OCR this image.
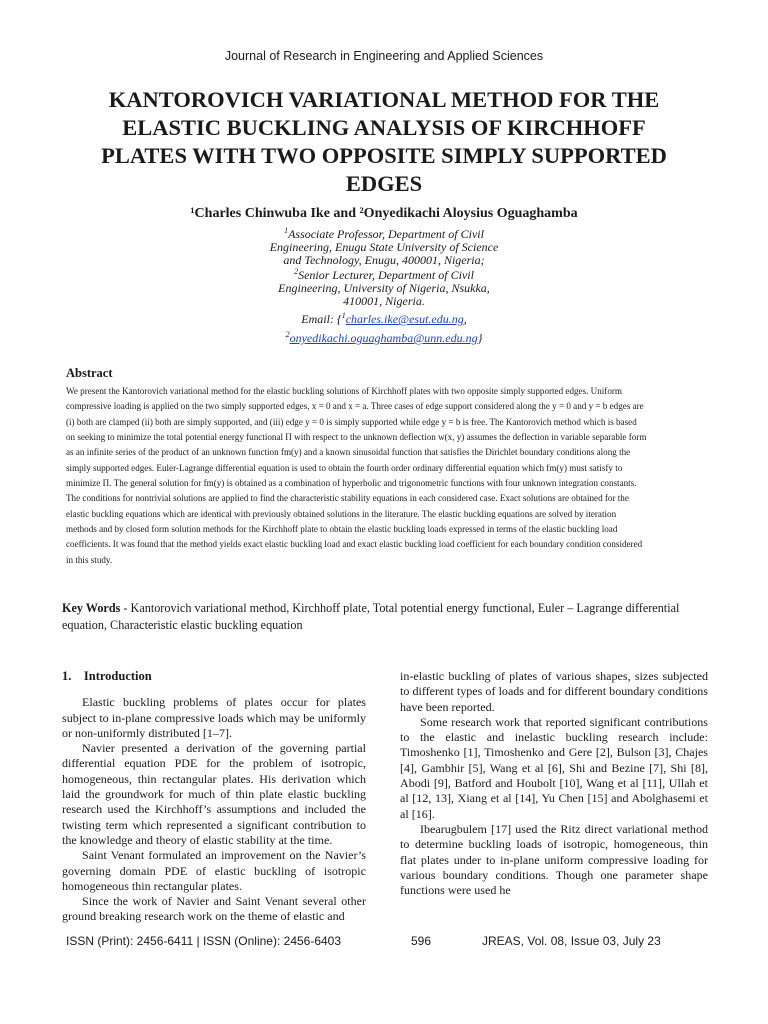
Journal of Research in Engineering and Applied Sciences
KANTOROVICH VARIATIONAL METHOD FOR THE
ELASTIC BUCKLING ANALYSIS OF KIRCHHOFF
PLATES WITH TWO OPPOSITE SIMPLY SUPPORTED
EDGES
¹Charles Chinwuba Ike and ²Onyedikachi Aloysius Oguaghamba
$^1$Associate Professor, Department of Civil
Engineering, Enugu State University of Science
and Technology, Enugu, 400001, Nigeria;
$^2$Senior Lecturer, Department of Civil
Engineering, University of Nigeria, Nsukka,
410001, Nigeria.
Email: {$^1$charles.ike@esut.edu.ng,
$^2$onyedikachi.oguaghamba@unn.edu.ng}
Abstract
We present the Kantorovich variational method for the elastic buckling solutions of Kirchhoff plates with two opposite simply supported edges. Uniform
compressive loading is applied on the two simply supported edges, x = 0 and x = a. Three cases of edge support considered along the y = 0 and y = b edges are
(i) both are clamped (ii) both are simply supported, and (iii) edge y = 0 is simply supported while edge y = b is free. The Kantorovich method which is based
on seeking to minimize the total potential energy functional Π with respect to the unknown deflection w(x, y) assumes the deflection in variable separable form
as an infinite series of the product of an unknown function fm(y) and a known sinusoidal function that satisfies the Dirichlet boundary conditions along the
simply supported edges. Euler-Lagrange differential equation is used to obtain the fourth order ordinary differential equation which fm(y) must satisfy to
minimize Π. The general solution for fm(y) is obtained as a combination of hyperbolic and trigonometric functions with four unknown integration constants.
The conditions for nontrivial solutions are applied to find the characteristic stability equations in each considered case. Exact solutions are obtained for the
elastic buckling equations which are identical with previously obtained solutions in the literature. The elastic buckling equations are solved by iteration
methods and by closed form solution methods for the Kirchhoff plate to obtain the elastic buckling loads expressed in terms of the elastic buckling load
coefficients. It was found that the method yields exact elastic buckling load and exact elastic buckling load coefficient for each boundary condition considered
in this study.
Key Words - Kantorovich variational method, Kirchhoff plate, Total potential energy functional, Euler – Lagrange differential equation, Characteristic elastic buckling equation

1.    Introduction

Elastic buckling problems of plates occur for plates subject to in-plane compressive loads which may be uniformly or non-uniformly distributed [1–7].

Navier presented a derivation of the governing partial differential equation PDE for the problem of isotropic, homogeneous, thin rectangular plates. His derivation which laid the groundwork for much of thin plate elastic buckling research used the Kirchhoff’s assumptions and included the twisting term which represented a significant contribution to the knowledge and theory of elastic stability at the time.

Saint Venant formulated an improvement on the Navier’s governing domain PDE of elastic buckling of isotropic homogeneous thin rectangular plates.

Since the work of Navier and Saint Venant several other ground breaking research work on the theme of elastic and

in-elastic buckling of plates of various shapes, sizes subjected to different types of loads and for different boundary conditions have been reported.

Some research work that reported significant contributions to the elastic and inelastic buckling research include: Timoshenko [1], Timoshenko and Gere [2], Bulson [3], Chajes [4], Gambhir [5], Wang et al [6], Shi and Bezine [7], Shi [8], Abodi [9], Batford and Houbolt [10], Wang et al [11], Ullah et al [12, 13], Xiang et al [14], Yu Chen [15] and Abolghasemi et al [16].

Ibearugbulem [17] used the Ritz direct variational method to determine buckling loads of isotropic, homogeneous, thin flat plates under to in-plane uniform compressive loading for various boundary conditions. Though one parameter shape functions were used he

ISSN (Print): 2456-6411 | ISSN (Online): 2456-6403	596	JREAS, Vol. 08, Issue 03, July 23
